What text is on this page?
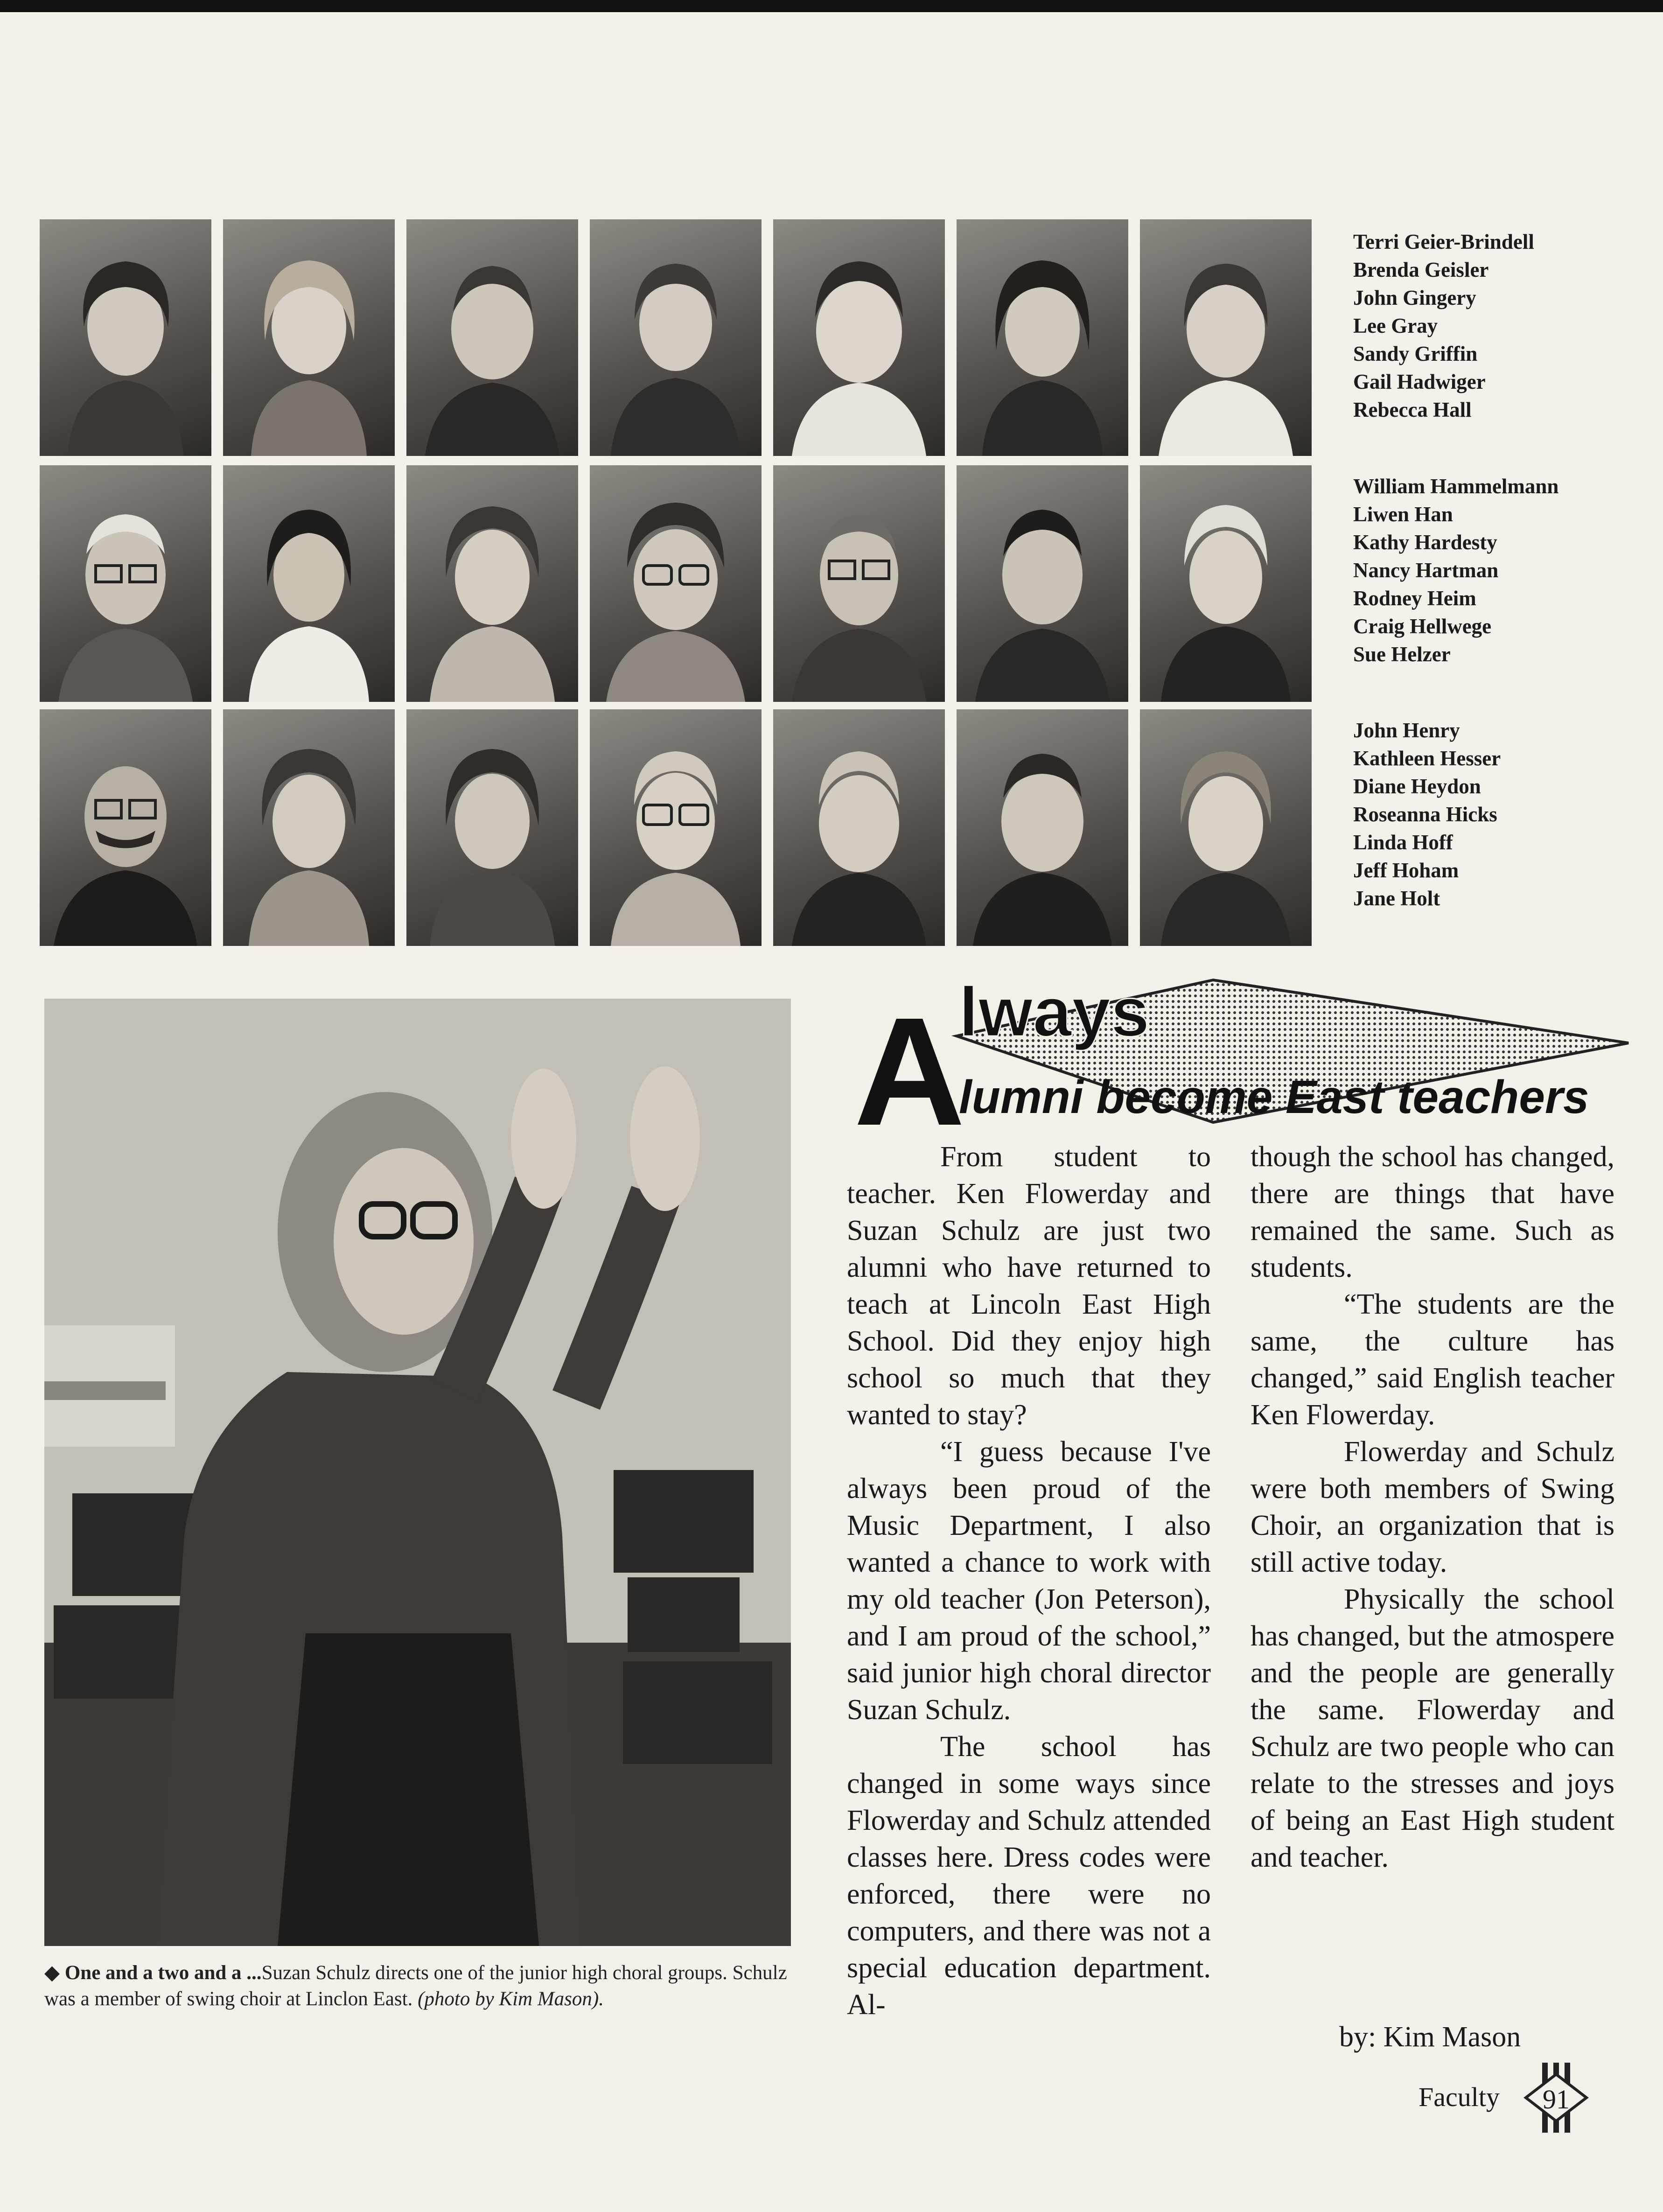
Terri Geier-Brindell
Brenda Geisler
John Gingery
Lee Gray
Sandy Griffin
Gail Hadwiger
Rebecca Hall
William Hammelmann
Liwen Han
Kathy Hardesty
Nancy Hartman
Rodney Heim
Craig Hellwege
Sue Helzer
John Henry
Kathleen Hesser
Diane Heydon
Roseanna Hicks
Linda Hoff
Jeff Hoham
Jane Holt
◆ One and a two and a ...Suzan Schulz directs one of the junior high choral groups. Schulz was a member of swing choir at Linclon East. (photo by Kim Mason).
A
lways
lumni become East teachers

From student to teacher. Ken Flowerday and Suzan Schulz are just two alumni who have returned to teach at Lincoln East High School. Did they enjoy high school so much that they wanted to stay?

“I guess because I've always been proud of the Music Department, I also wanted a chance to work with my old teacher (Jon Peterson), and I am proud of the school,” said junior high choral director Suzan Schulz.

The school has changed in some ways since Flowerday and Schulz attended classes here. Dress codes were enforced, there were no computers, and there was not a special education department. Al-

though the school has changed, there are things that have remained the same. Such as students.

“The students are the same, the culture has changed,” said English teacher Ken Flowerday.

Flowerday and Schulz were both members of Swing Choir, an organization that is still active today.

Physically the school has changed, but the atmospere and the people are generally the same. Flowerday and Schulz are two people who can relate to the stresses and joys of being an East High student and teacher.

by: Kim Mason
Faculty	91
